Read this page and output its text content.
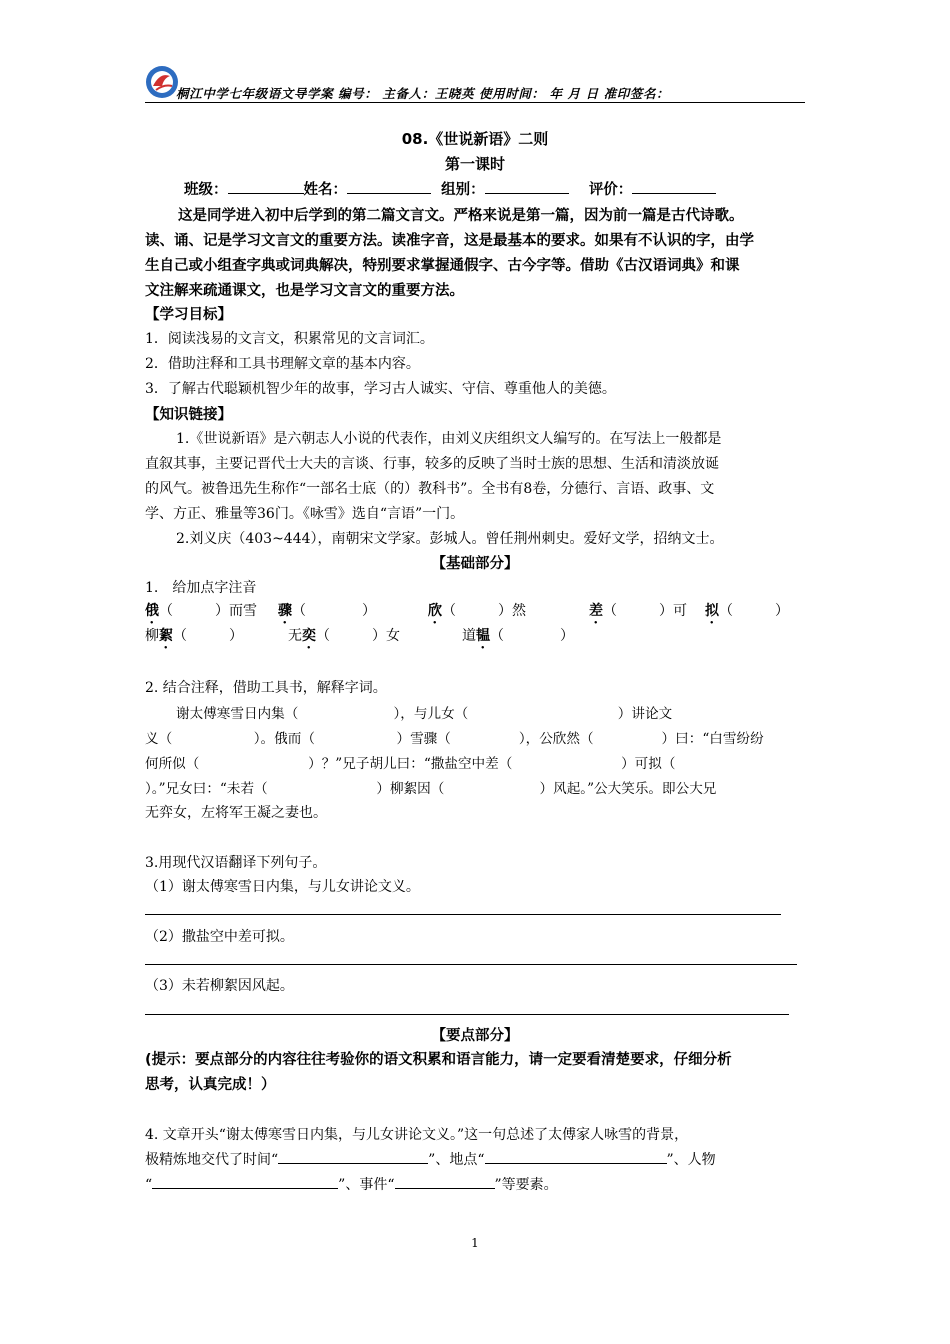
桐江中学七年级语文导学案 编号： 主备人：王晓英 使用时间： 年 月 日 准印签名：
08.《世说新语》二则
第一课时
班级：	姓名：	组别：	评价：
这是同学进入初中后学到的第二篇文言文。严格来说是第一篇，因为前一篇是古代诗歌。
读、诵、记是学习文言文的重要方法。读准字音，这是最基本的要求。如果有不认识的字，由学
生自己或小组查字典或词典解决，特别要求掌握通假字、古今字等。借助《古汉语词典》和课
文注解来疏通课文，也是学习文言文的重要方法。
【学习目标】
1．阅读浅易的文言文，积累常见的文言词汇。
2．借助注释和工具书理解文章的基本内容。
3．了解古代聪颖机智少年的故事，学习古人诚实、守信、尊重他人的美德。
【知识链接】
1.《世说新语》是六朝志人小说的代表作，由刘义庆组织文人编写的。在写法上一般都是
直叙其事，主要记晋代士大夫的言谈、行事，较多的反映了当时士族的思想、生活和清淡放诞
的风气。被鲁迅先生称作“一部名士底（的）教科书”。全书有8卷，分德行、言语、政事、文
学、方正、雅量等36门。《咏雪》选自“言语”一门。
2.刘义庆（403~444），南朝宋文学家。彭城人。曾任荆州刺史。爱好文学，招纳文士。
【基础部分】
1.　给加点字注音
俄（　　　）而雪 骤（　　　　）	欣（　　　）然	差（　　　）可 拟（　　　）
柳絮（　　　）	无奕（　　　）女	道韫（　　　　）
2. 结合注释，借助工具书，解释字词。
谢太傅寒雪日内集（　　　　　　　），与儿女（　　　　　　　　　　　）讲论文
义（　　　　　　）。俄而（　　　　　　）雪骤（　　　　　），公欣然（　　　　　）曰：“白雪纷纷
何所似（　　　　　　　　）？”兄子胡儿曰：“撒盐空中差（　　　　　　　　）可拟（
）。”兄女曰：“未若（　　　　　　　　）柳絮因（　　　　　　　）风起。”公大笑乐。即公大兄
无弈女，左将军王凝之妻也。
3.用现代汉语翻译下列句子。
（1）谢太傅寒雪日内集，与儿女讲论文义。
（2）撒盐空中差可拟。
（3）未若柳絮因风起。
【要点部分】
(提示：要点部分的内容往往考验你的语文积累和语言能力，请一定要看清楚要求，仔细分析
思考，认真完成！）
4. 文章开头“谢太傅寒雪日内集，与儿女讲论文义。”这一句总述了太傅家人咏雪的背景，
极精炼地交代了时间“	”、地点“	”、人物
“	”、事件“	”等要素。
1
